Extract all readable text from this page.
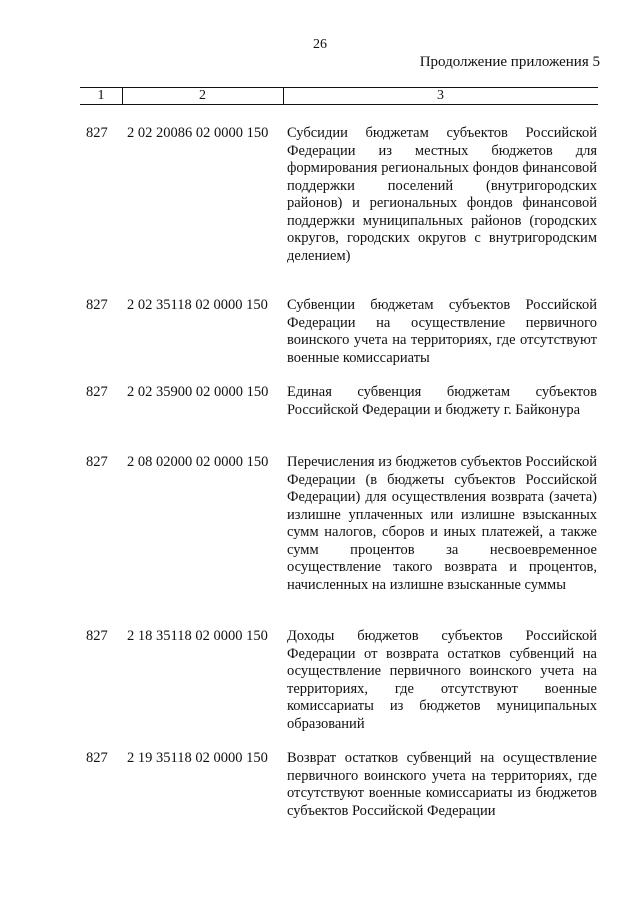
26
Продолжение приложения 5
1	2	3
827 2 02 20086 02 0000 150 Субсидии бюджетам субъектов Российской Федерации из местных бюджетов для формирования региональных фондов финансовой поддержки поселений (внутригородских районов) и региональных фондов финансовой поддержки муниципальных районов (городских округов, городских округов с внутригородским делением)
827 2 02 35118 02 0000 150 Субвенции бюджетам субъектов Российской Федерации на осуществление первичного воинского учета на территориях, где отсутствуют военные комиссариаты
827 2 02 35900 02 0000 150 Единая субвенция бюджетам субъектов Российской Федерации и бюджету г. Байконура
827 2 08 02000 02 0000 150 Перечисления из бюджетов субъектов Российской Федерации (в бюджеты субъектов Российской Федерации) для осуществления возврата (зачета) излишне уплаченных или излишне взысканных сумм налогов, сборов и иных платежей, а также сумм процентов за несвоевременное осуществление такого возврата и процентов, начисленных на излишне взысканные суммы
827 2 18 35118 02 0000 150 Доходы бюджетов субъектов Российской Федерации от возврата остатков субвенций на осуществление первичного воинского учета на территориях, где отсутствуют военные комиссариаты из бюджетов муниципальных образований
827 2 19 35118 02 0000 150 Возврат остатков субвенций на осуществление первичного воинского учета на территориях, где отсутствуют военные комиссариаты из бюджетов субъектов Российской Федерации
